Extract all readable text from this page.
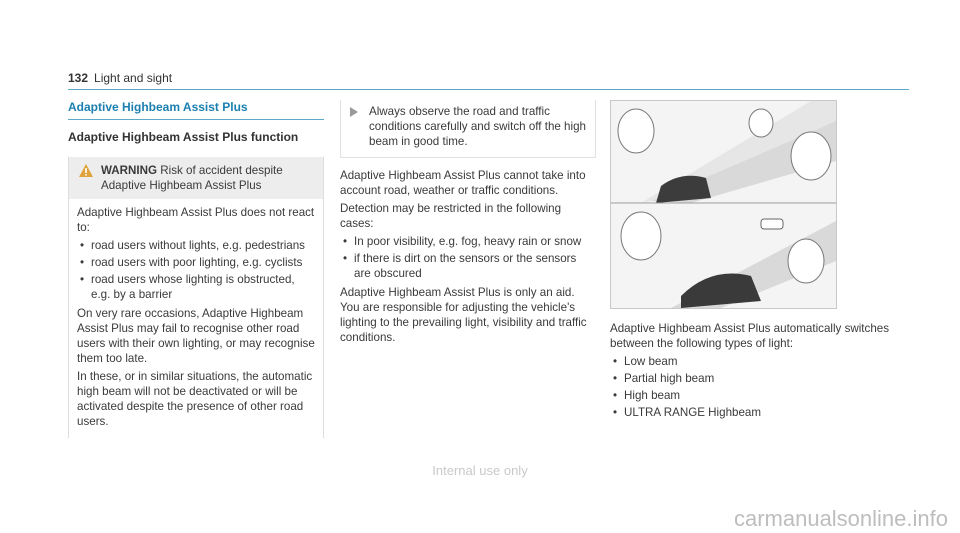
132 Light and sight
Adaptive Highbeam Assist Plus
Adaptive Highbeam Assist Plus function
WARNING Risk of accident despite Adaptive Highbeam Assist Plus

Adaptive Highbeam Assist Plus does not react to:

• road users without lights, e.g. pedestrians
• road users with poor lighting, e.g. cyclists
• road users whose lighting is obstructed, e.g. by a barrier

On very rare occasions, Adaptive Highbeam Assist Plus may fail to recognise other road users with their own lighting, or may recognise them too late.

In these, or in similar situations, the automatic high beam will not be deactivated or will be activated despite the presence of other road users.

Always observe the road and traffic conditions carefully and switch off the high beam in good time.

Adaptive Highbeam Assist Plus cannot take into account road, weather or traffic conditions.

Detection may be restricted in the following cases:

• In poor visibility, e.g. fog, heavy rain or snow
• if there is dirt on the sensors or the sensors are obscured

Adaptive Highbeam Assist Plus is only an aid. You are responsible for adjusting the vehicle's lighting to the prevailing light, visibility and traffic conditions.

Adaptive Highbeam Assist Plus automatically switches between the following types of light:

• Low beam
• Partial high beam
• High beam
• ULTRA RANGE Highbeam
Internal use only
carmanualsonline.info
